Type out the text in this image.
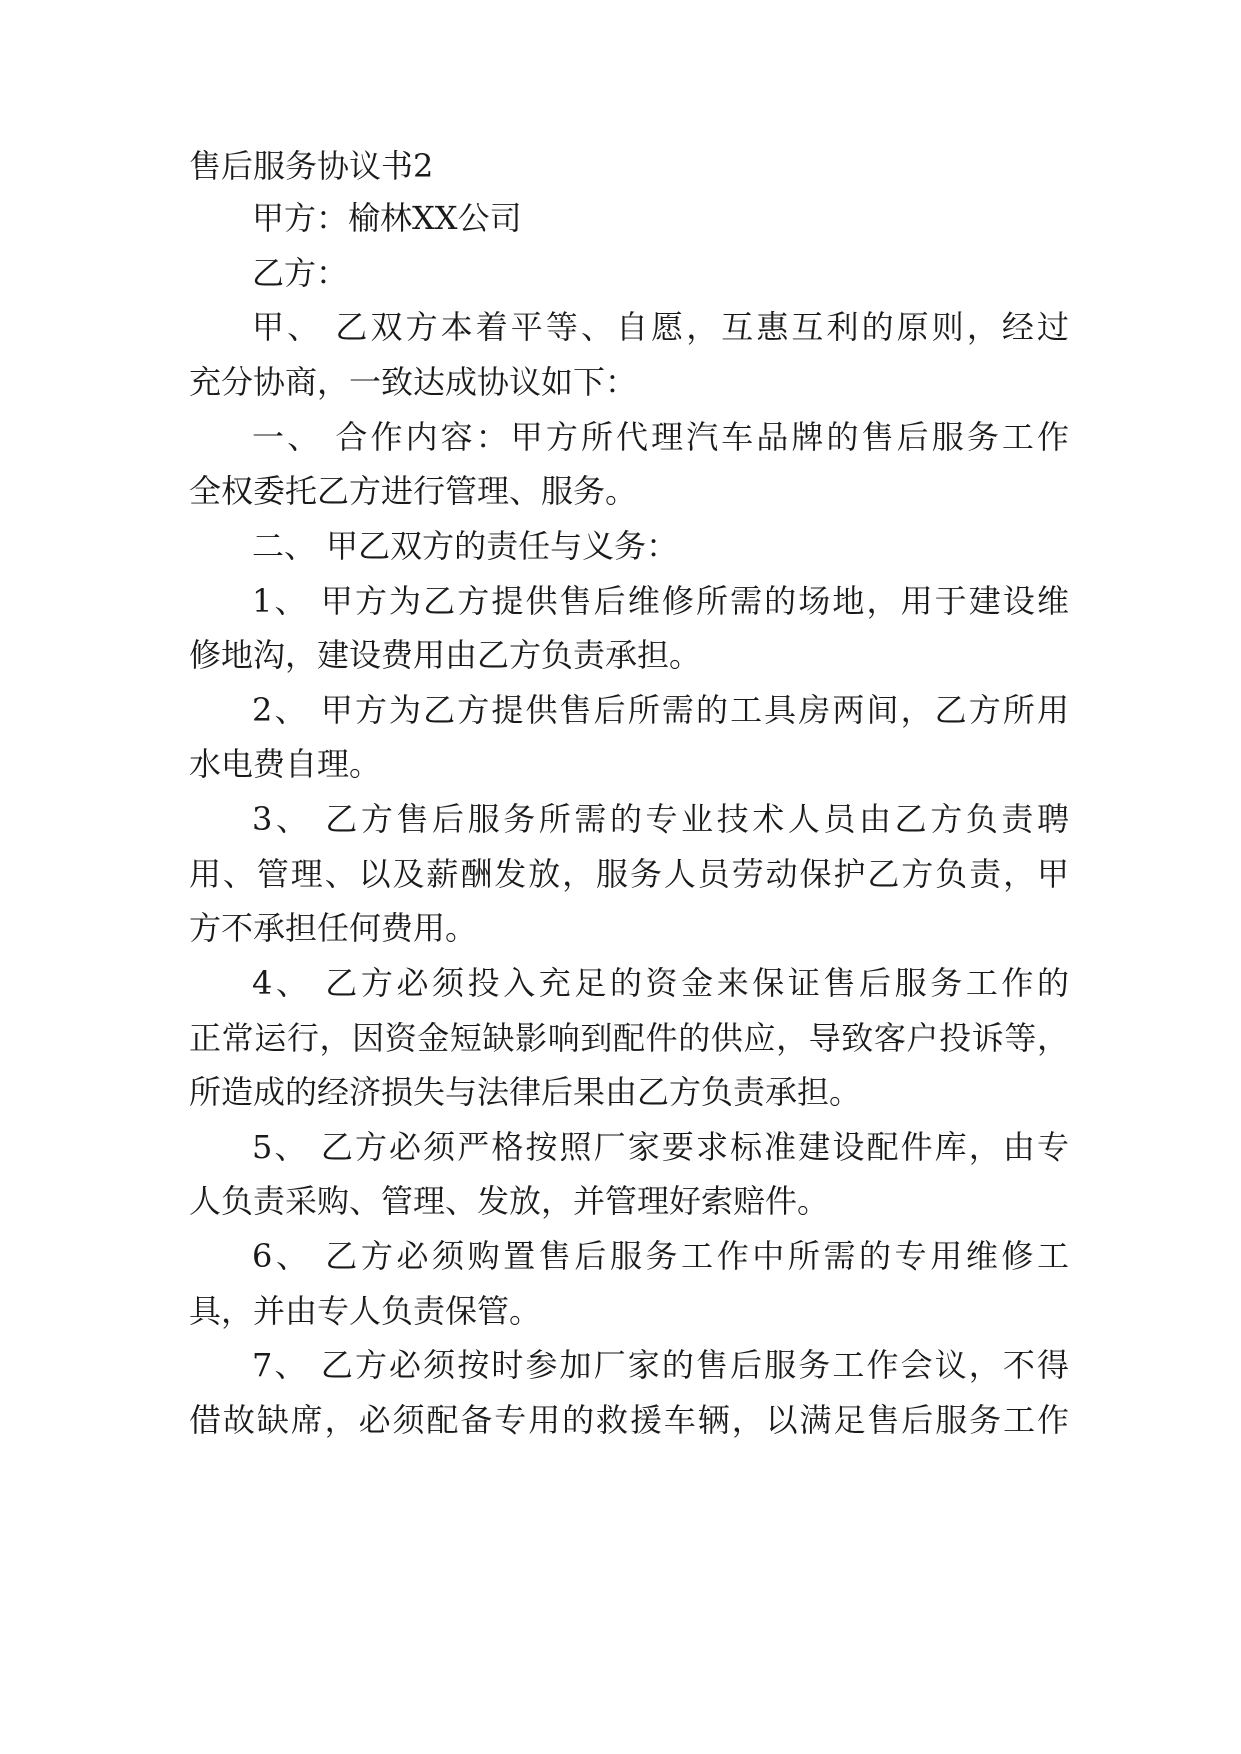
售后服务协议书2
甲方：榆林XX公司
乙方：
甲、 乙双方本着平等、自愿，互惠互利的原则，经过
充分协商，一致达成协议如下：
一、 合作内容：甲方所代理汽车品牌的售后服务工作
全权委托乙方进行管理、服务。
二、 甲乙双方的责任与义务：
1、 甲方为乙方提供售后维修所需的场地，用于建设维
修地沟，建设费用由乙方负责承担。
2、 甲方为乙方提供售后所需的工具房两间，乙方所用
水电费自理。
3、 乙方售后服务所需的专业技术人员由乙方负责聘
用、管理、以及薪酬发放，服务人员劳动保护乙方负责，甲
方不承担任何费用。
4、 乙方必须投入充足的资金来保证售后服务工作的
正常运行，因资金短缺影响到配件的供应，导致客户投诉等，
所造成的经济损失与法律后果由乙方负责承担。
5、 乙方必须严格按照厂家要求标准建设配件库，由专
人负责采购、管理、发放，并管理好索赔件。
6、 乙方必须购置售后服务工作中所需的专用维修工
具，并由专人负责保管。
7、 乙方必须按时参加厂家的售后服务工作会议，不得
借故缺席，必须配备专用的救援车辆，以满足售后服务工作
